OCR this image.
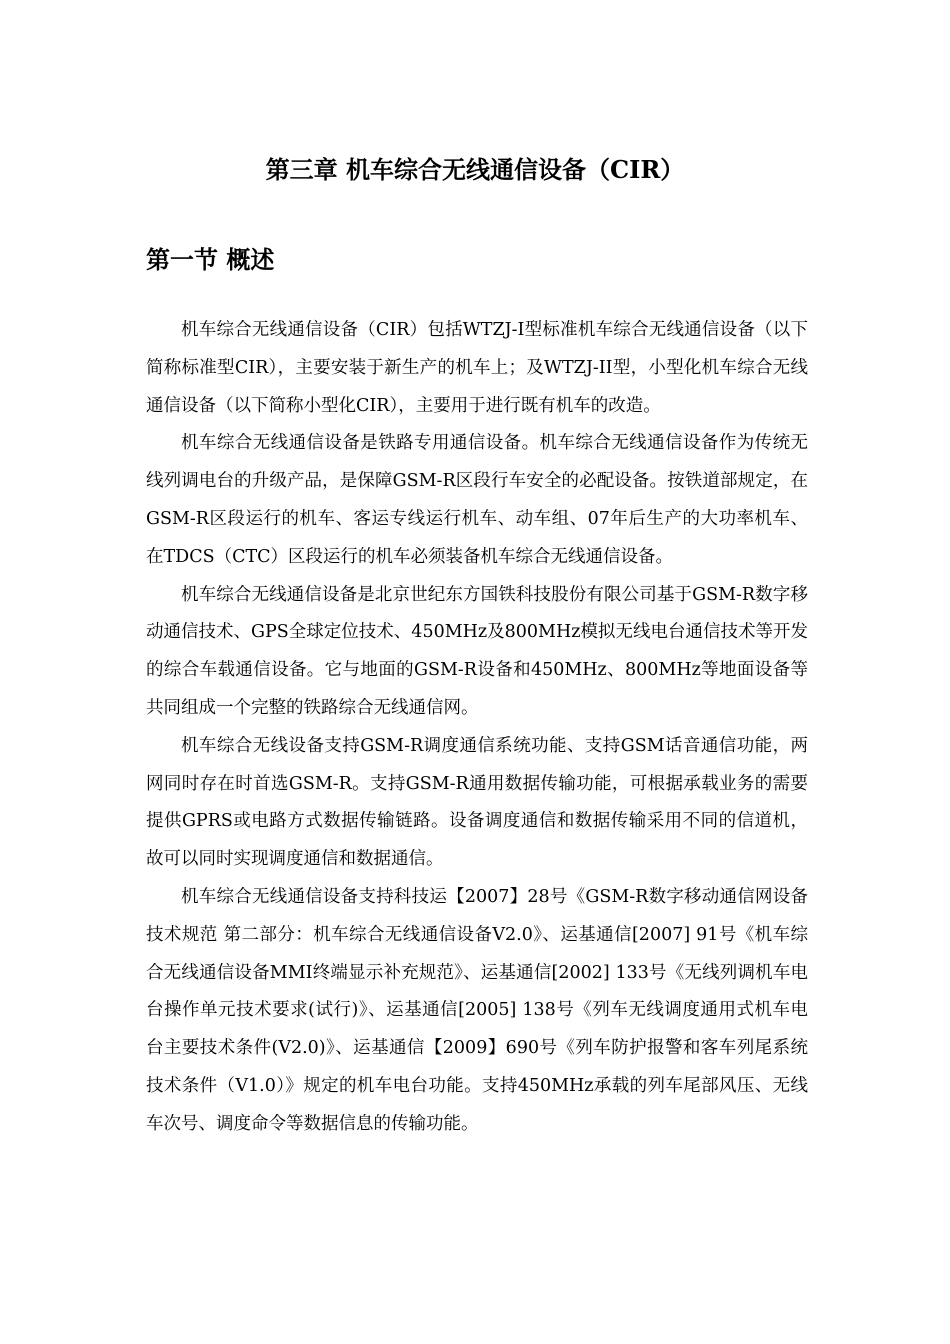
第三章 机车综合无线通信设备（CIR）
第一节 概述

机车综合无线通信设备（CIR）包括WTZJ-I型标准机车综合无线通信设备（以下简称标准型CIR），主要安装于新生产的机车上；及WTZJ-II型，小型化机车综合无线通信设备（以下简称小型化CIR），主要用于进行既有机车的改造。

机车综合无线通信设备是铁路专用通信设备。机车综合无线通信设备作为传统无线列调电台的升级产品，是保障GSM-R区段行车安全的必配设备。按铁道部规定，在GSM-R区段运行的机车、客运专线运行机车、动车组、07年后生产的大功率机车、在TDCS（CTC）区段运行的机车必须装备机车综合无线通信设备。

机车综合无线通信设备是北京世纪东方国铁科技股份有限公司基于GSM-R数字移动通信技术、GPS全球定位技术、450MHz及800MHz模拟无线电台通信技术等开发的综合车载通信设备。它与地面的GSM-R设备和450MHz、800MHz等地面设备等共同组成一个完整的铁路综合无线通信网。

机车综合无线设备支持GSM-R调度通信系统功能、支持GSM话音通信功能，两网同时存在时首选GSM-R。支持GSM-R通用数据传输功能，可根据承载业务的需要提供GPRS或电路方式数据传输链路。设备调度通信和数据传输采用不同的信道机，故可以同时实现调度通信和数据通信。

机车综合无线通信设备支持科技运【2007】28号《GSM-R数字移动通信网设备技术规范 第二部分：机车综合无线通信设备V2.0》、运基通信[2007] 91号《机车综合无线通信设备MMI终端显示补充规范》、运基通信[2002] 133号《无线列调机车电台操作单元技术要求(试行)》、运基通信[2005] 138号《列车无线调度通用式机车电台主要技术条件(V2.0)》、运基通信【2009】690号《列车防护报警和客车列尾系统技术条件（V1.0）》规定的机车电台功能。支持450MHz承载的列车尾部风压、无线车次号、调度命令等数据信息的传输功能。
